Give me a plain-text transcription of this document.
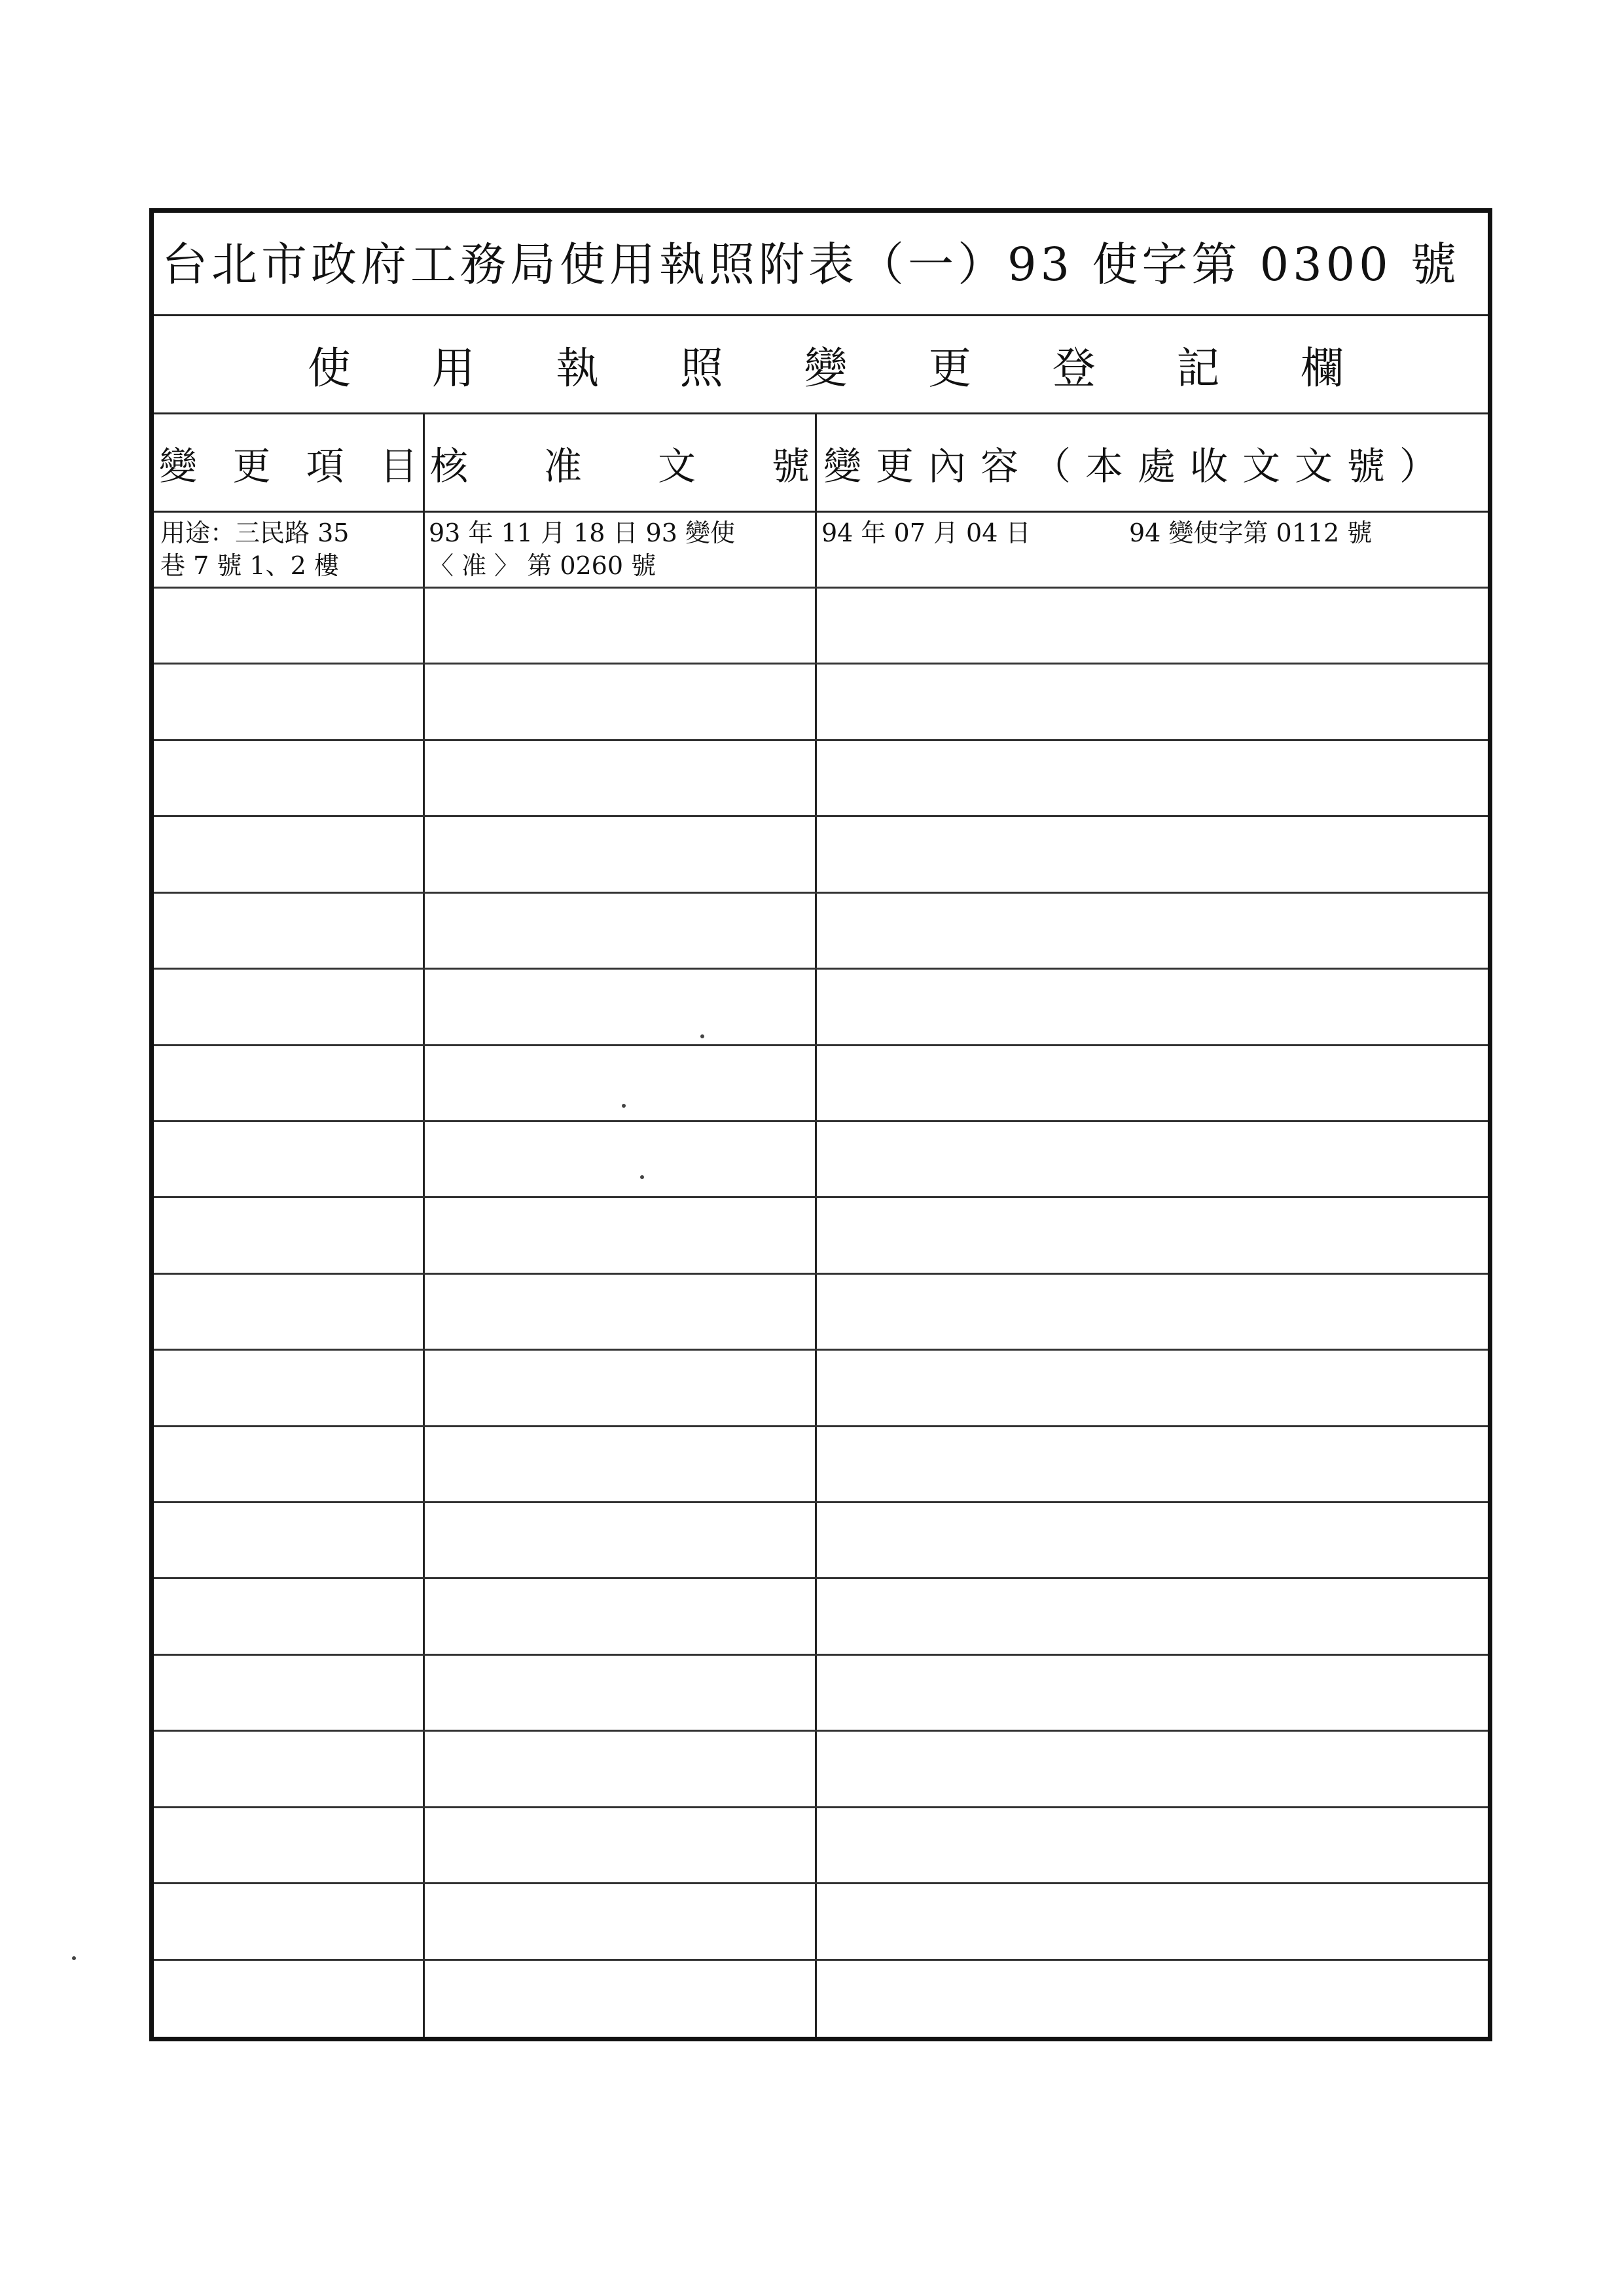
台北市政府工務局使用執照附表（一）93 使字第 0300 號
使 用 執 照 變 更 登 記 欄
變 更 項 目 核 准 文 號 變更內容（本處收文文號）
用途：三民路 35
巷 7 號 1、2 樓
93 年 11 月 18 日 93 變使
〈 准 〉 第 0260 號
94 年 07 月 04 日	94 變使字第 0112 號
